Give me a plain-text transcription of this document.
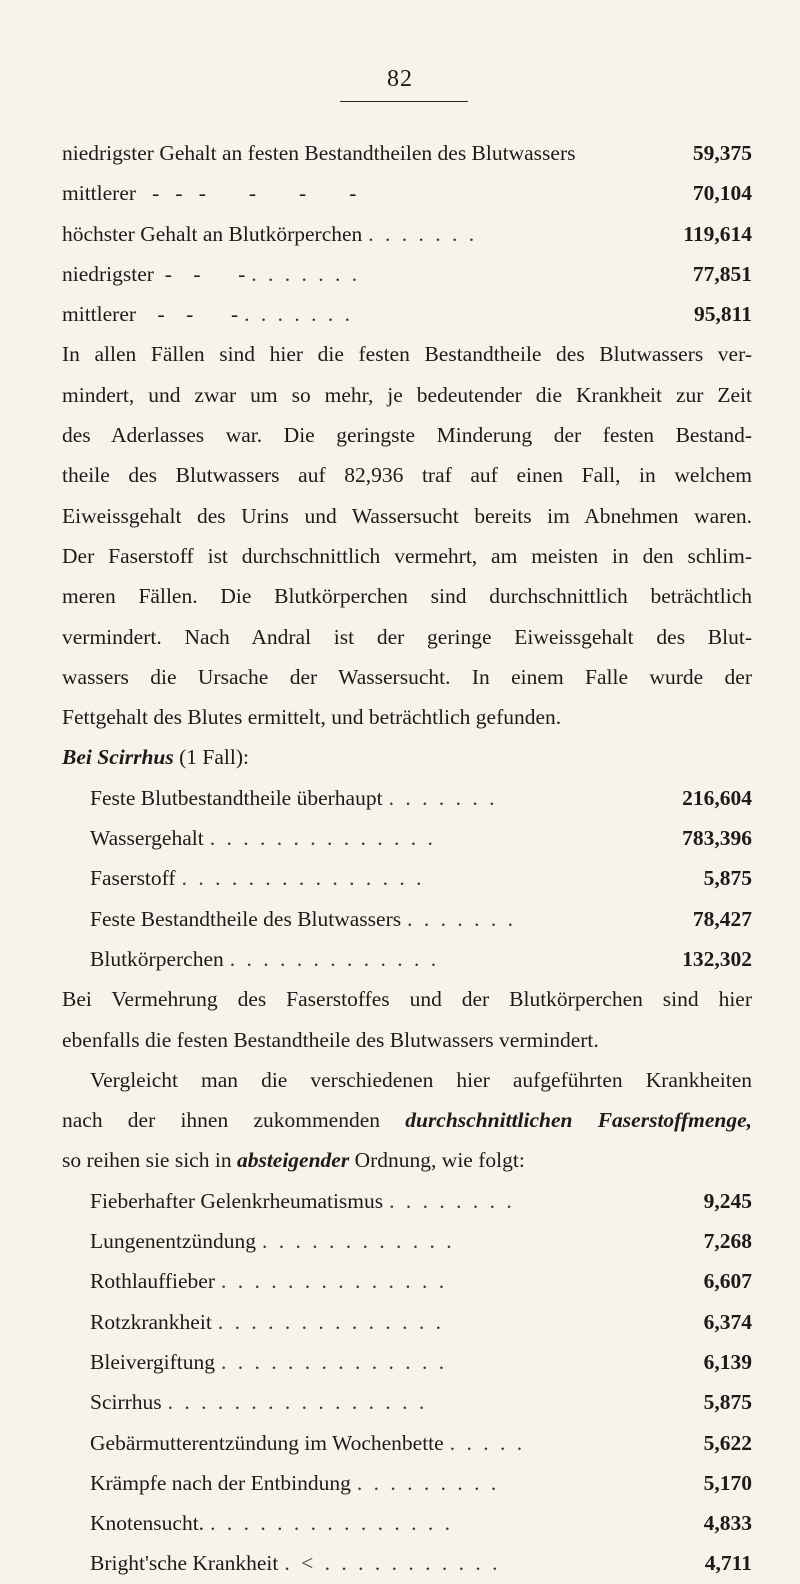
82
niedrigster Gehalt an festen Bestandtheilen des Blutwassers	59,375
mittlerer   -   -   -        -        -        -	70,104
höchster Gehalt an Blutkörperchen . . . . . . .	119,614
niedrigster  -    -       - . . . . . . .	77,851
mittlerer    -    -       - . . . . . . .	95,811
In allen Fällen sind hier die festen Bestandtheile des Blutwassers ver-
mindert, und zwar um so mehr, je bedeutender die Krankheit zur Zeit
des Aderlasses war. Die geringste Minderung der festen Bestand-
theile des Blutwassers auf 82,936 traf auf einen Fall, in welchem
Eiweissgehalt des Urins und Wassersucht bereits im Abnehmen waren.
Der Faserstoff ist durchschnittlich vermehrt, am meisten in den schlim-
meren Fällen. Die Blutkörperchen sind durchschnittlich beträchtlich
vermindert. Nach Andral ist der geringe Eiweissgehalt des Blut-
wassers die Ursache der Wassersucht. In einem Falle wurde der
Fettgehalt des Blutes ermittelt, und beträchtlich gefunden.
Bei Scirrhus (1 Fall):
Feste Blutbestandtheile überhaupt . . . . . . .	216,604
Wassergehalt . . . . . . . . . . . . . .	783,396
Faserstoff . . . . . . . . . . . . . . .	5,875
Feste Bestandtheile des Blutwassers . . . . . . .	78,427
Blutkörperchen . . . . . . . . . . . . .	132,302
Bei Vermehrung des Faserstoffes und der Blutkörperchen sind hier
ebenfalls die festen Bestandtheile des Blutwassers vermindert.
Vergleicht man die verschiedenen hier aufgeführten Krankheiten
nach der ihnen zukommenden durchschnittlichen Faserstoffmenge,
so reihen sie sich in absteigender Ordnung, wie folgt:
Fieberhafter Gelenkrheumatismus . . . . . . . .	9,245
Lungenentzündung . . . . . . . . . . . .	7,268
Rothlauffieber . . . . . . . . . . . . . .	6,607
Rotzkrankheit . . . . . . . . . . . . . .	6,374
Bleivergiftung . . . . . . . . . . . . . .	6,139
Scirrhus . . . . . . . . . . . . . . . .	5,875
Gebärmutterentzündung im Wochenbette . . . . .	5,622
Krämpfe nach der Entbindung . . . . . . . . .	5,170
Knotensucht. . . . . . . . . . . . . . . .	4,833
Bright'sche Krankheit . < . . . . . . . . . . .	4,711
